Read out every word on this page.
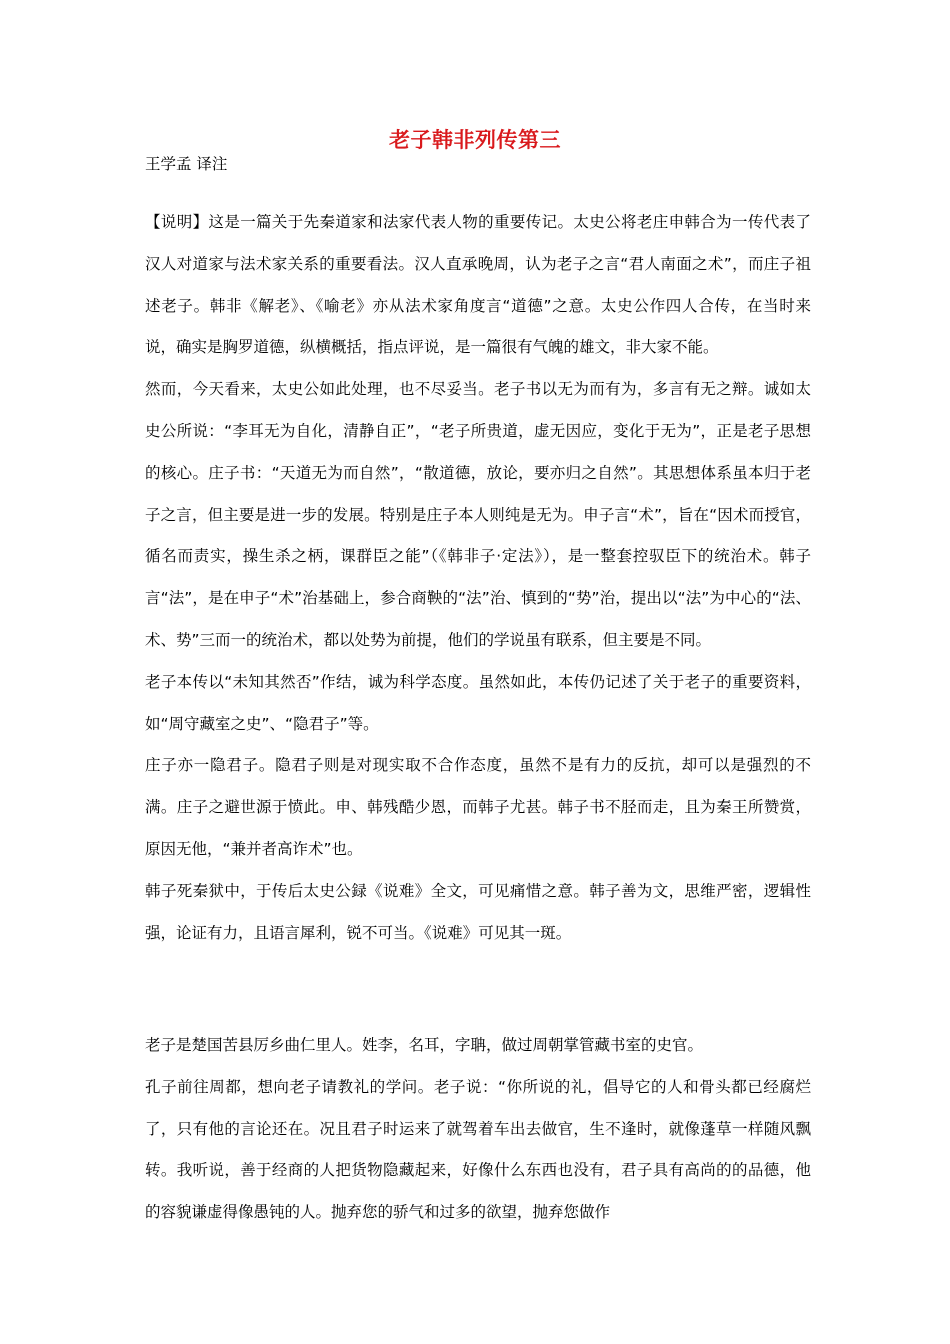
老子韩非列传第三
王学孟 译注

【说明】这是一篇关于先秦道家和法家代表人物的重要传记。太史公将老庄申韩合为一传代表了汉人对道家与法术家关系的重要看法。汉人直承晚周，认为老子之言“君人南面之术”，而庄子祖述老子。韩非《解老》、《喻老》亦从法术家角度言“道德”之意。太史公作四人合传，在当时来说，确实是胸罗道德，纵横概括，指点评说，是一篇很有气魄的雄文，非大家不能。

然而，今天看来，太史公如此处理，也不尽妥当。老子书以无为而有为，多言有无之辩。诚如太史公所说：“李耳无为自化，清静自正”，“老子所贵道，虚无因应，变化于无为”，正是老子思想的核心。庄子书：“天道无为而自然”，“散道德，放论，要亦归之自然”。其思想体系虽本归于老子之言，但主要是进一步的发展。特别是庄子本人则纯是无为。申子言“术”，旨在“因术而授官，循名而责实，操生杀之柄，课群臣之能”（《韩非子·定法》），是一整套控驭臣下的统治术。韩子言“法”，是在申子“术”治基础上，参合商鞅的“法”治、慎到的“势”治，提出以“法”为中心的“法、术、势”三而一的统治术，都以处势为前提，他们的学说虽有联系，但主要是不同。

老子本传以“未知其然否”作结，诚为科学态度。虽然如此，本传仍记述了关于老子的重要资料，如“周守藏室之史”、“隐君子”等。

庄子亦一隐君子。隐君子则是对现实取不合作态度，虽然不是有力的反抗，却可以是强烈的不满。庄子之避世源于愤此。申、韩残酷少恩，而韩子尤甚。韩子书不胫而走，且为秦王所赞赏，原因无他，“兼并者高诈术”也。

韩子死秦狱中，于传后太史公録《说难》全文，可见痛惜之意。韩子善为文，思维严密，逻辑性强，论证有力，且语言犀利，锐不可当。《说难》可见其一斑。

老子是楚国苦县厉乡曲仁里人。姓李，名耳，字聃，做过周朝掌管藏书室的史官。

孔子前往周都，想向老子请教礼的学问。老子说：“你所说的礼，倡导它的人和骨头都已经腐烂了，只有他的言论还在。况且君子时运来了就驾着车出去做官，生不逢时，就像蓬草一样随风飘转。我听说，善于经商的人把货物隐藏起来，好像什么东西也没有，君子具有高尚的的品德，他的容貌谦虚得像愚钝的人。抛弃您的骄气和过多的欲望，抛弃您做作
